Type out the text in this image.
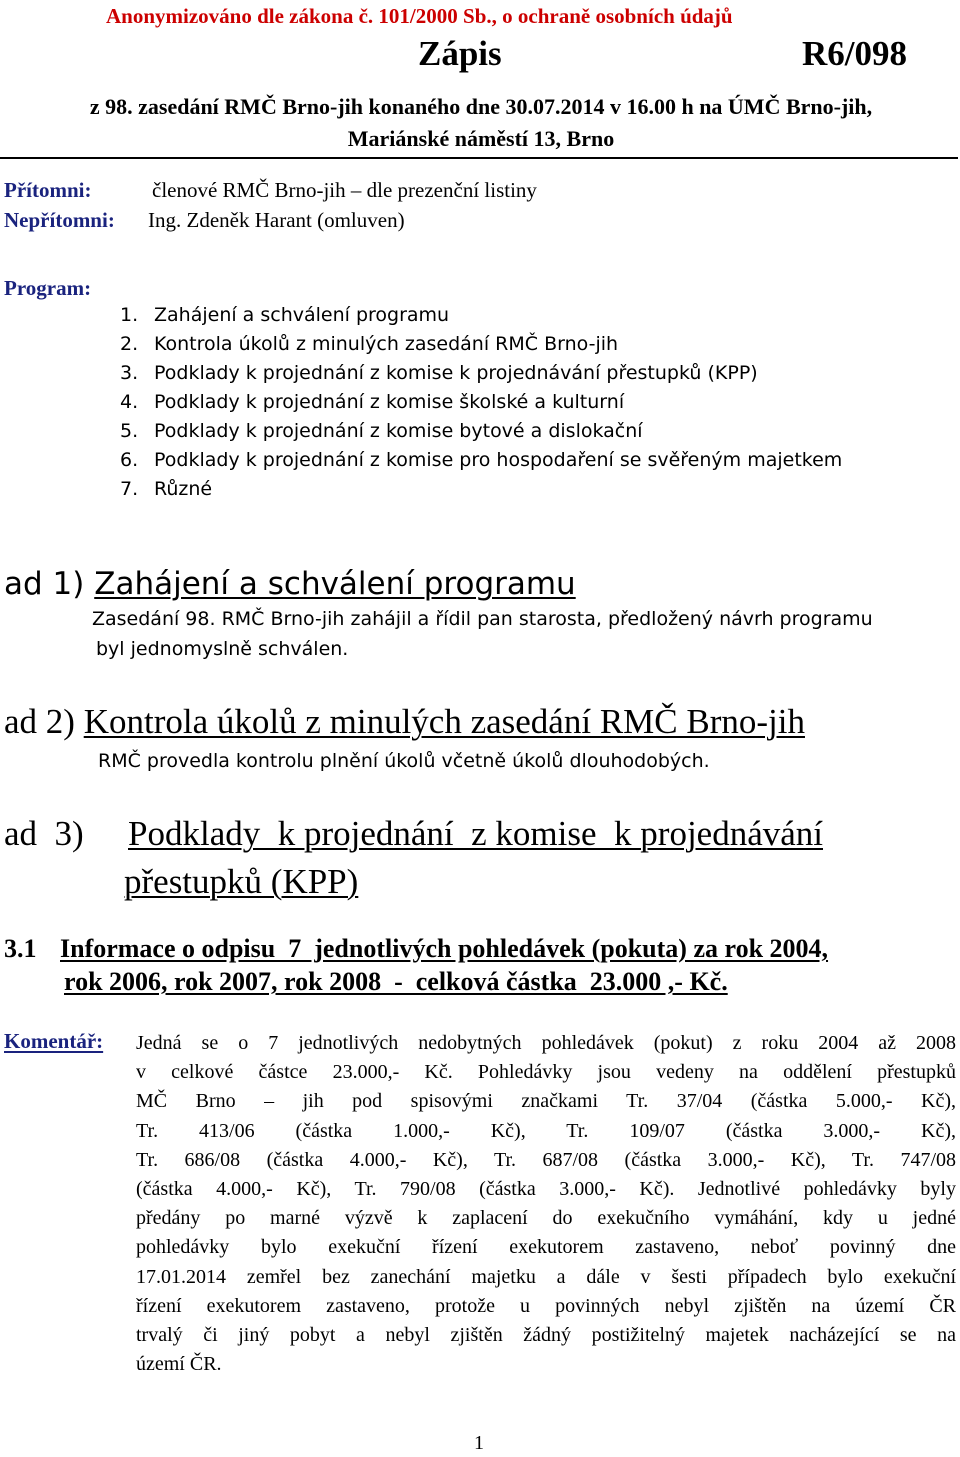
Anonymizováno dle zákona č. 101/2000 Sb., o ochraně osobních údajů
Zápis	R6/098
z 98. zasedání RMČ Brno-jih konaného dne 30.07.2014 v 16.00 h na ÚMČ Brno-jih,
Mariánské náměstí 13, Brno
Přítomni:	členové RMČ Brno-jih – dle prezenční listiny
Nepřítomni: Ing. Zdeněk Harant (omluven)
Program:
1. Zahájení a schválení programu
2. Kontrola úkolů z minulých zasedání RMČ Brno-jih
3. Podklady k projednání z komise k projednávání přestupků (KPP)
4. Podklady k projednání z komise školské a kulturní
5. Podklady k projednání z komise bytové a dislokační
6. Podklady k projednání z komise pro hospodaření se svěřeným majetkem
7. Různé
ad 1) Zahájení a schválení programu
Zasedání 98. RMČ Brno-jih zahájil a řídil pan starosta, předložený návrh programu
byl jednomyslně schválen.
ad 2) Kontrola úkolů z minulých zasedání RMČ Brno-jih
RMČ provedla kontrolu plnění úkolů včetně úkolů dlouhodobých.
ad  3) Podklady  k projednání  z komise  k projednávání
přestupků (KPP)
3.1 Informace o odpisu  7  jednotlivých pohledávek (pokuta) za rok 2004,
rok 2006, rok 2007, rok 2008  -  celková částka  23.000 ,- Kč.
Komentář: Jedná se o 7 jednotlivých nedobytných pohledávek (pokut) z roku 2004 až 2008
v celkové částce 23.000,- Kč. Pohledávky jsou vedeny na oddělení přestupků
MČ Brno – jih pod spisovými značkami Tr. 37/04 (částka 5.000,- Kč),
Tr. 413/06 (částka 1.000,- Kč), Tr. 109/07 (částka 3.000,- Kč),
Tr. 686/08 (částka 4.000,- Kč), Tr. 687/08 (částka 3.000,- Kč), Tr. 747/08
(částka 4.000,- Kč), Tr. 790/08 (částka 3.000,- Kč). Jednotlivé pohledávky byly
předány po marné výzvě k zaplacení do exekučního vymáhání, kdy u jedné
pohledávky bylo exekuční řízení exekutorem zastaveno, neboť povinný dne
17.01.2014 zemřel bez zanechání majetku a dále v šesti případech bylo exekuční
řízení exekutorem zastaveno, protože u povinných nebyl zjištěn na území ČR
trvalý či jiný pobyt a nebyl zjištěn žádný postižitelný majetek nacházející se na
území ČR.
1
